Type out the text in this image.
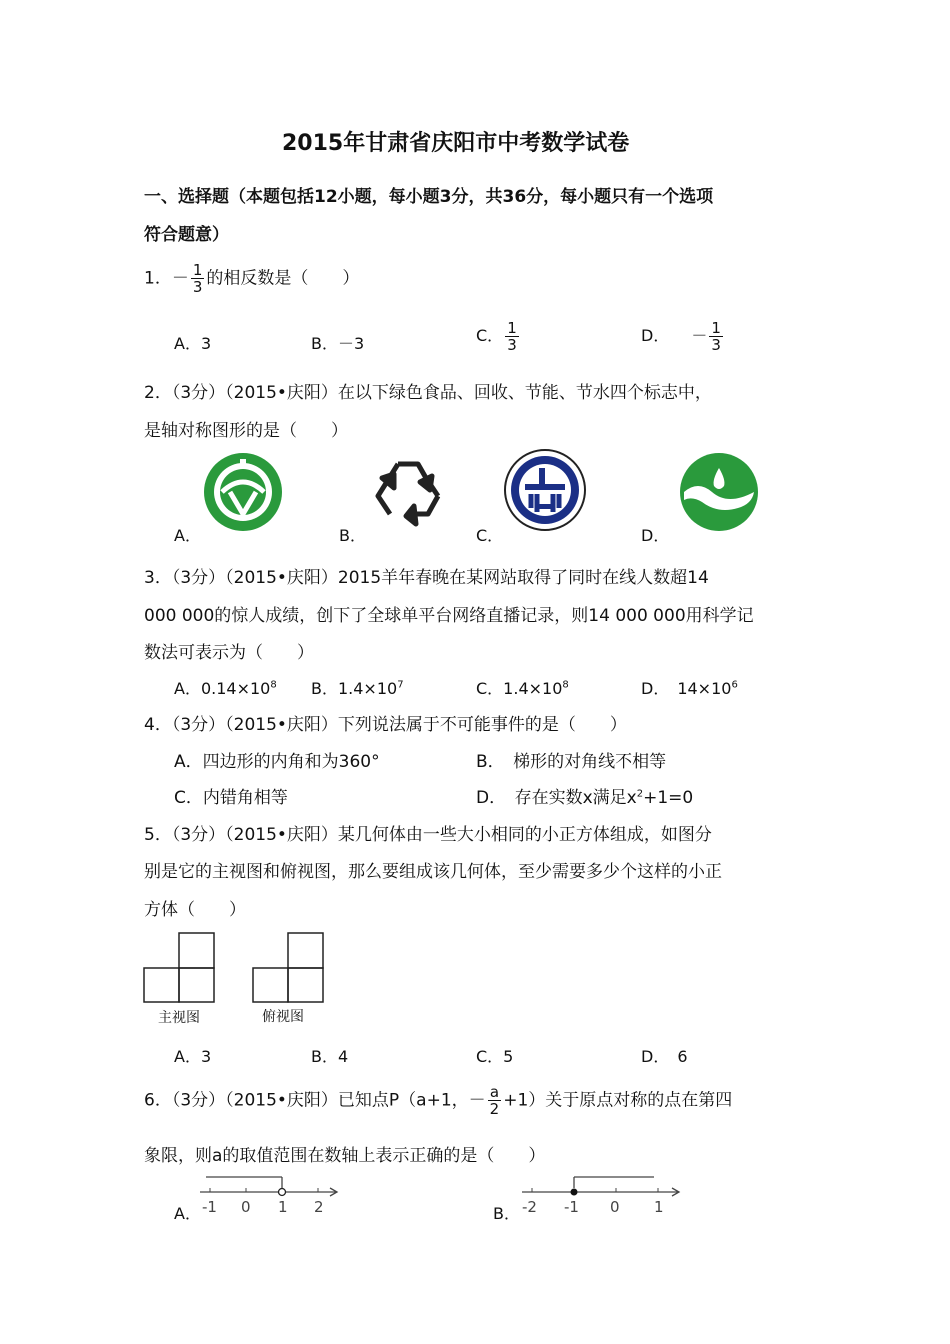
2015年甘肃省庆阳市中考数学试卷
一、选择题（本题包括12小题，每小题3分，共36分，每小题只有一个选项
符合题意）
1．－ $\frac{1}{3}$ 的相反数是（　　）
A．3	B．－3	C． $\frac{1}{3}$	D． － $\frac{1}{3}$
2．（3分）（2015•庆阳）在以下绿色食品、回收、节能、节水四个标志中，
是轴对称图形的是（　　）
A．	B．	C．	D．
3．（3分）（2015•庆阳）2015羊年春晚在某网站取得了同时在线人数超14
000 000的惊人成绩，创下了全球单平台网络直播记录，则14 000 000用科学记
数法可表示为（　　）
A．$0.14\times 10^8$ B．$1.4\times 10^7$	C．$1.4\times 10^8$	D．　$14\times 10^6$
4．（3分）（2015•庆阳）下列说法属于不可能事件的是（　　）
A．四边形的内角和为360°	B．　梯形的对角线不相等
C．内错角相等	D．　存在实数x满足$x^2+1=0$
5．（3分）（2015•庆阳）某几何体由一些大小相同的小正方体组成，如图分
别是它的主视图和俯视图，那么要组成该几何体，至少需要多少个这样的小正
方体（　　）
主视图	俯视图
A．3	B．4	C．5	D．　6
6．（3分）（2015•庆阳）已知点P（a+1，－ $\frac{a}{2} +1$）关于原点对称的点在第四
象限，则a的取值范围在数轴上表示正确的是（　　）
A． -1 0 1 2	B． -2 -1 0 1
